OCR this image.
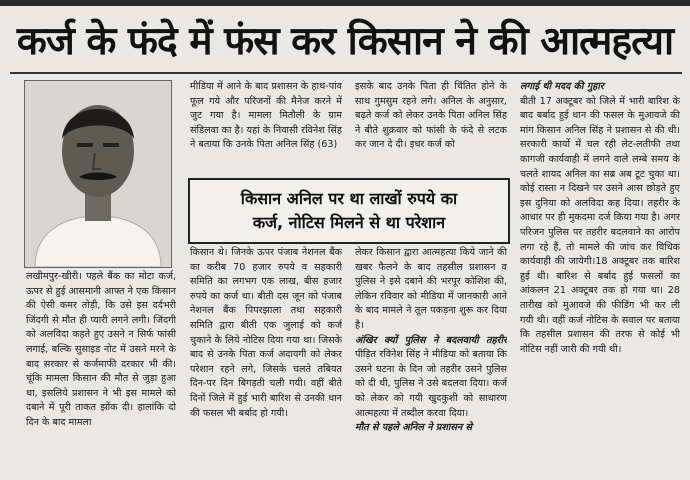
कर्ज के फंदे में फंस कर किसान ने की आत्महत्या

लखीमपुर-खीरी। पहले बैंक का मोटा कर्ज, ऊपर से हुई आसमानी आफ्त ने एक किसान की ऐसी कमर तोड़ी, कि उसे इस दर्दभरी जिंदगी से मौत ही प्यारी लगने लगी। जिंदगी को अलविदा कहते हुए उसने न सिर्फ फांसी लगाई, बल्कि सुसाइड नोट में उसने मरने के बाद सरकार से कर्जमाफी दरकार भी की। चूंकि मामला किसान की मौत से जुड़ा हुआ था, इसलिये प्रशासन ने भी इस मामले को दबाने में पूरी ताकत झोंक दी। हालांकि दो दिन के बाद मामला

मीडिया में आने के बाद प्रशासन के हाथ-पांव फूल गये और परिजनों की मैनेज करने में जुट गया है। मामला मितौली के ग्राम संडिलवा का है। यहां के निवासी रविनेश सिंह ने बताया कि उनके पिता अनिल सिंह (63)

इसके बाद उनके पिता ही चिंतित होने के साथ गुमसुम रहने लगे। अनिल के अनुसार, बढ़ते कर्ज को लेकर उनके पिता अनिल सिंह ने बीते शुक्रवार को फांसी के फंदे से लटक कर जान दे दी। इधर कर्ज को

किसान अनिल पर था लाखों रुपये का
कर्ज, नोटिस मिलने से था परेशान

किसान थे। जिनके ऊपर पंजाब नेशनल बैंक का करीब 70 हजार रुपये व सहकारी समिति का लगभग एक लाख, बीस हजार रुपये का कर्ज था। बीती दस जून को पंजाब नेशनल बैंक पिपरझाला तथा सहकारी समिति द्वारा बीती एक जुलाई को कर्ज चुकाने के लिये नोटिस दिया गया था। जिसके बाद से उनके पिता कर्ज अदायगी को लेकर परेशान रहने लगे, जिसके चलते तबियत दिन-पर दिन बिगड़ती चली गयी। वहीं बीते दिनों जिले में हुई भारी बारिश से उनकी धान की फसल भी बर्बाद हो गयी।

लेकर किसान द्वारा आत्महत्या किये जाने की खबर फैलने के बाद तहसील प्रशासन व पुलिस ने इसे दबाने की भरपूर कोशिश की, लेकिन रविवार को मीडिया में जानकारी आने के बाद मामले ने तूल पकड़ना शुरू कर दिया है।

अंखिर क्यों पुलिस ने बदलवायी तहरीर पीड़ित रविनेश सिंह ने मीडिया को बताया कि उसने घटना के दिन जो तहरीर उसने पुलिस को दी थी, पुलिस ने उसे बदलवा दिया। कर्ज को लेकर को गयी खुदकुशी को साधारण आत्महत्या में तब्दील करवा दिया।

मौत से पहले अनिल ने प्रशासन से

लगाई थी मदद की गुहार

बीती 17 अक्टूबर को जिले में भारी बारिश के बाद बर्बाद हुई धान की फसल के मुआवजे की मांग किसान अनिल सिंह ने प्रशासन से की थी। सरकारी कार्यो में चल रही लेट-लतीफी तथा कागजी कार्यवाही में लगने वाले लम्बे समय के चलते शायद अनिल का सब्र अब टूट चुका था। कोई रास्ता न दिखने पर उसने आस छोड़ते हुए इस दुनिया को अलविदा कह दिया। तहरीर के आधार पर ही मुकदमा दर्ज किया गया है। अगर परिजन पुलिस पर तहरीर बदलवाने का आरोप लगा रहे हैं, तो मामले की जांच कर विधिक कार्यवाही की जायेगी।18 अक्टूबर तक बारिश हुई थी। बारिश से बर्बाद हुई फसलों का आंकलन 21 अक्टूबर तक हो गया था। 28 तारीख को मुआवजे की फीडिंग भी कर ली गयी थी। वहीं कर्ज नोटिस के सवाल पर बताया कि तहसील प्रशासन की तरफ से कोई भी नोटिस नहीं जारी की गयी थी।
